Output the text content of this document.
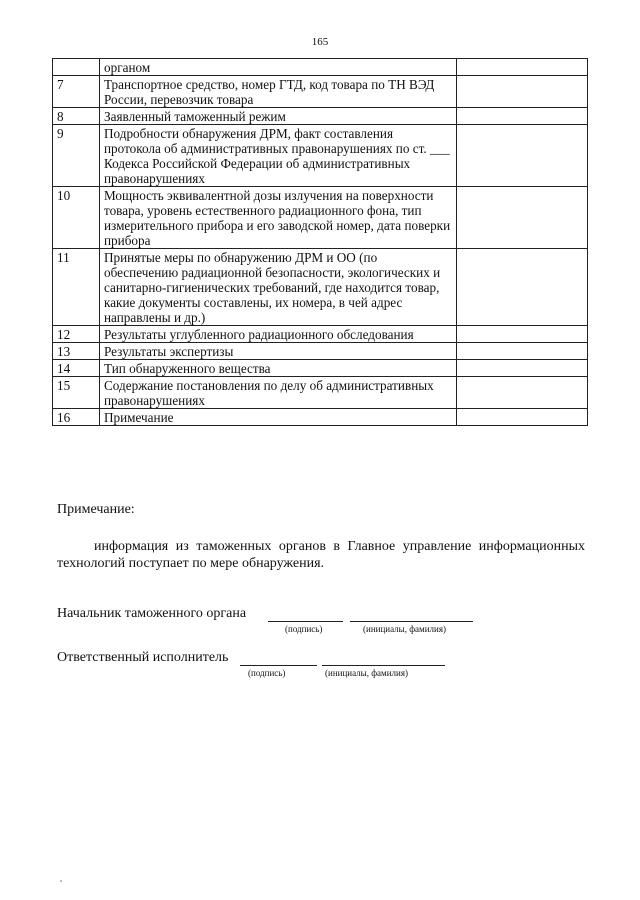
165
	органом	
7	Транспортное средство, номер ГТД, код товара по ТН ВЭД России, перевозчик товара	
8	Заявленный таможенный режим	
9	Подробности обнаружения ДРМ, факт составления протокола об административных правонарушениях по ст. ___ Кодекса Российской Федерации об административных правонарушениях	
10	Мощность эквивалентной дозы излучения на поверхности товара, уровень естественного радиационного фона, тип измерительного прибора и его заводской номер, дата поверки прибора	
11	Принятые меры по обнаружению ДРМ и ОО (по обеспечению радиационной безопасности, экологических и санитарно-гигиенических требований, где находится товар, какие документы составлены, их номера, в чей адрес направлены и др.)	
12	Результаты углубленного радиационного обследования	
13	Результаты экспертизы	
14	Тип обнаруженного вещества	
15	Содержание постановления по делу об административных правонарушениях	
16	Примечание	
Примечание:
информация из таможенных органов в Главное управление информационных технологий поступает по мере обнаружения.
Начальник таможенного органа
(подпись)	(инициалы, фамилия)
Ответственный исполнитель
(подпись)	(инициалы, фамилия)
